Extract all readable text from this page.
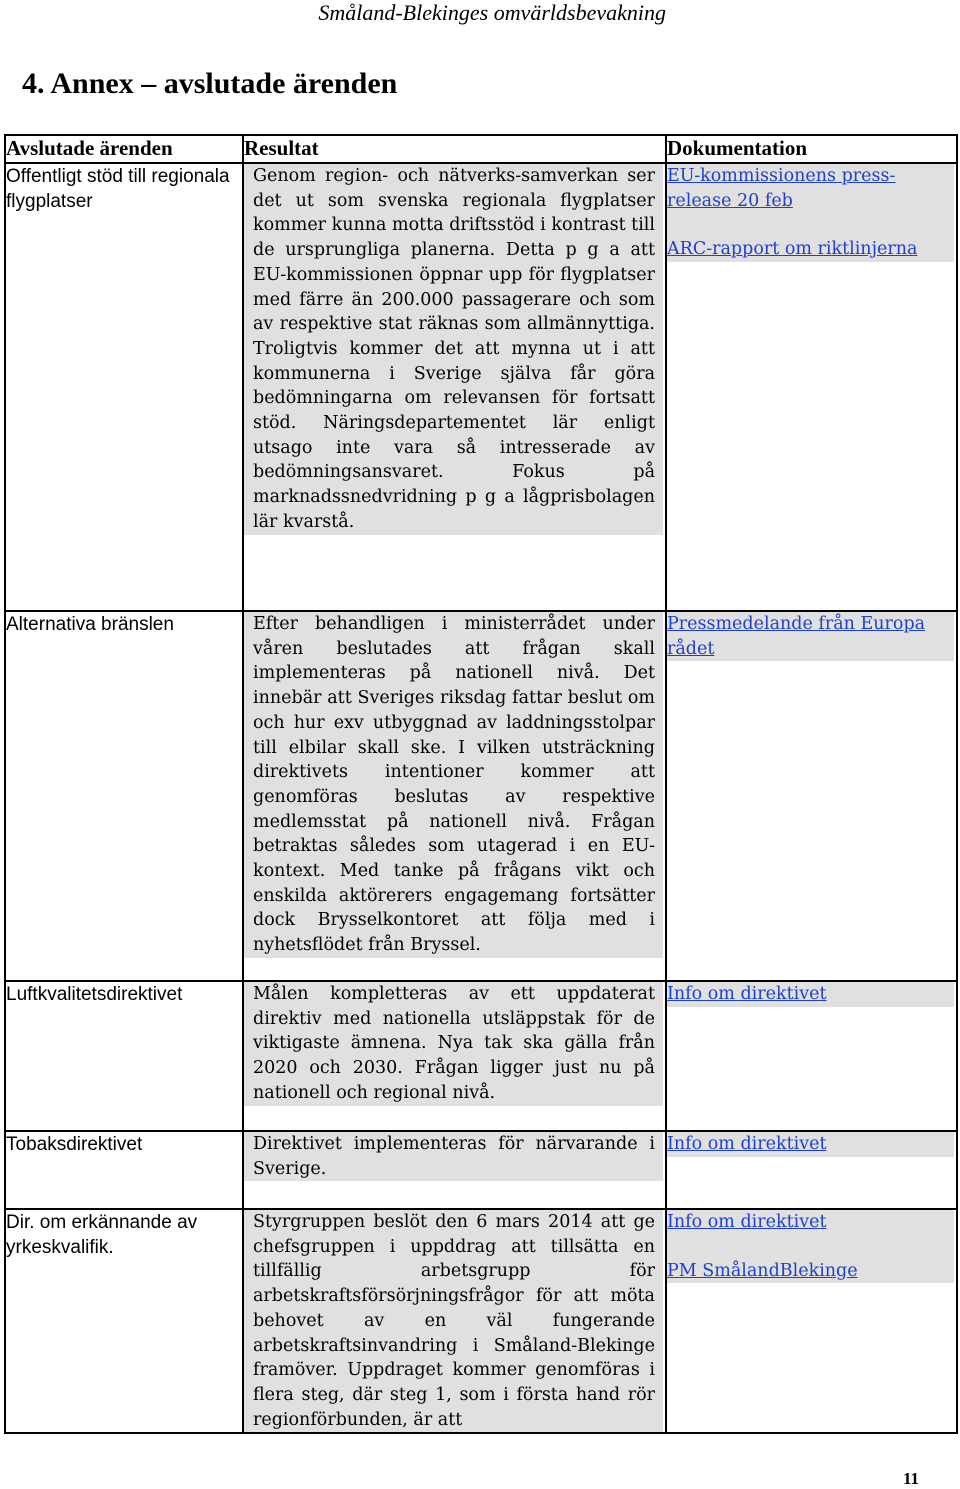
Småland-Blekinges omvärldsbevakning
4. Annex – avslutade ärenden
Avslutade ärenden	Resultat	Dokumentation
Offentligt stöd till regionala flygplatser	Genom region- och nätverks-samverkan ser det ut som svenska regionala flygplatser kommer kunna motta driftsstöd i kontrast till de ursprungliga planerna. Detta p g a att EU-kommissionen öppnar upp för flygplatser med färre än 200.000 passagerare och som av respektive stat räknas som allmännyttiga. Troligtvis kommer det att mynna ut i att kommunerna i Sverige själva får göra bedömningarna om relevansen för fortsatt stöd. Näringsdepartementet lär enligt utsago inte vara så intresserade av bedömningsansvaret. Fokus på marknadssnedvridning p g a lågprisbolagen lär kvarstå.	EU-kommissionens press-release 20 feb
ARC-rapport om riktlinjerna

Alternativa bränslen	Efter behandligen i ministerrådet under våren beslutades att frågan skall implementeras på nationell nivå. Det innebär att Sveriges riksdag fattar beslut om och hur exv utbyggnad av laddningsstolpar till elbilar skall ske. I vilken utsträckning direktivets intentioner kommer att genomföras beslutas av respektive medlemsstat på nationell nivå. Frågan betraktas således som utagerad i en EU-kontext. Med tanke på frågans vikt och enskilda aktörerers engagemang fortsätter dock Brysselkontoret att följa med i nyhetsflödet från Bryssel.	Pressmedelande från Europa rådet

Luftkvalitetsdirektivet	Målen kompletteras av ett uppdaterat direktiv med nationella utsläppstak för de viktigaste ämnena. Nya tak ska gälla från 2020 och 2030. Frågan ligger just nu på nationell och regional nivå.	Info om direktivet

Tobaksdirektivet	Direktivet implementeras för närvarande i Sverige.	Info om direktivet

Dir. om erkännande av yrkeskvalifik.	Styrgruppen beslöt den 6 mars 2014 att ge chefsgruppen i uppddrag att tillsätta en tillfällig arbetsgrupp för arbetskraftsförsörjningsfrågor för att möta behovet av en väl fungerande arbetskraftsinvandring i Småland-Blekinge framöver. Uppdraget kommer genomföras i flera steg, där steg 1, som i första hand rör regionförbunden, är att	Info om direktivet
PM SmålandBlekinge
11
